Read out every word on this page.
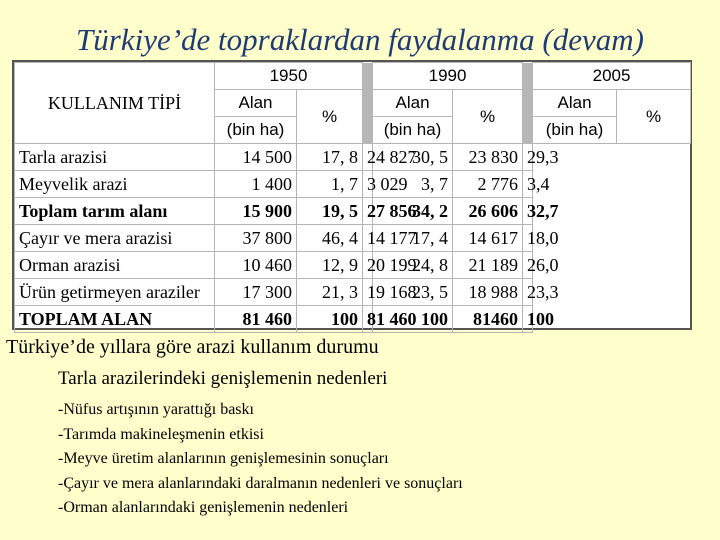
Türkiye’de topraklardan faydalanma (devam)
KULLANIM TİPİ	1950			1990			2005	
	Alan	%		Alan	%		Alan	%
	(bin ha)			(bin ha)			(bin ha)	
Tarla arazisi	14 500	17, 8	24 827	30, 5	23 830	29,3		
Meyvelik arazi	1 400	1, 7	3 029	3, 7	2 776	3,4		
Toplam tarım alanı	15 900	19, 5	27 856	34, 2	26 606	32,7		
Çayır ve mera arazisi	37 800	46, 4	14 177	17, 4	14 617	18,0		
Orman arazisi	10 460	12, 9	20 199	24, 8	21 189	26,0		
Ürün getirmeyen araziler	17 300	21, 3	19 168	23, 5	18 988	23,3		
TOPLAM ALAN	81 460	100	81 460	100	81460	100		
Türkiye’de yıllara göre arazi kullanım durumu
Tarla arazilerindeki genişlemenin nedenleri
-Nüfus artışının yarattığı baskı
-Tarımda makineleşmenin etkisi
-Meyve üretim alanlarının genişlemesinin sonuçları
-Çayır ve mera alanlarındaki daralmanın nedenleri ve sonuçları
-Orman alanlarındaki genişlemenin nedenleri
